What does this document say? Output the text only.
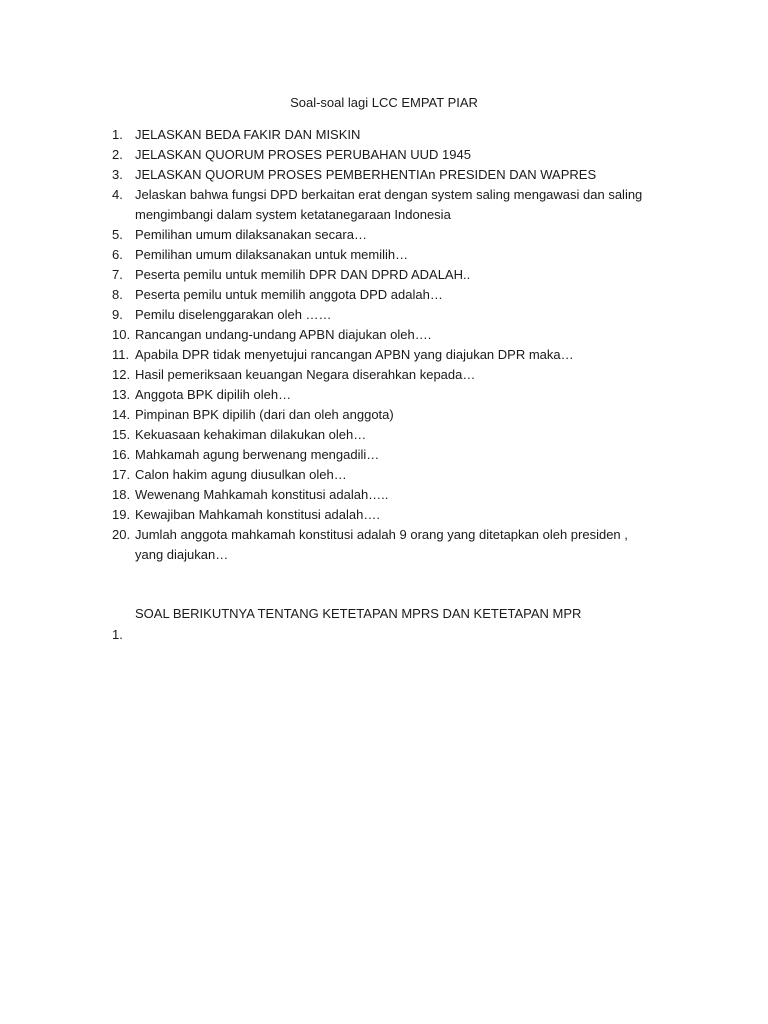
Soal-soal lagi LCC EMPAT PIAR
1. JELASKAN BEDA FAKIR DAN MISKIN
2. JELASKAN QUORUM PROSES PERUBAHAN UUD 1945
3. JELASKAN QUORUM PROSES PEMBERHENTIAn PRESIDEN DAN WAPRES
4. Jelaskan bahwa fungsi DPD berkaitan erat dengan system saling mengawasi dan saling mengimbangi dalam system ketatanegaraan Indonesia
5. Pemilihan umum dilaksanakan secara…
6. Pemilihan umum dilaksanakan untuk memilih…
7. Peserta pemilu untuk memilih DPR DAN DPRD ADALAH..
8. Peserta pemilu untuk memilih anggota DPD adalah…
9. Pemilu diselenggarakan oleh ……
10. Rancangan undang-undang APBN diajukan oleh….
11. Apabila DPR tidak menyetujui rancangan APBN yang diajukan DPR maka…
12. Hasil pemeriksaan keuangan Negara diserahkan kepada…
13. Anggota BPK dipilih oleh…
14. Pimpinan BPK dipilih (dari dan oleh anggota)
15. Kekuasaan kehakiman dilakukan oleh…
16. Mahkamah agung berwenang mengadili…
17. Calon hakim agung diusulkan oleh…
18. Wewenang Mahkamah konstitusi adalah…..
19. Kewajiban Mahkamah konstitusi adalah….
20. Jumlah anggota mahkamah konstitusi adalah 9 orang yang ditetapkan oleh presiden , yang diajukan…
SOAL BERIKUTNYA TENTANG KETETAPAN MPRS DAN KETETAPAN MPR
1.
